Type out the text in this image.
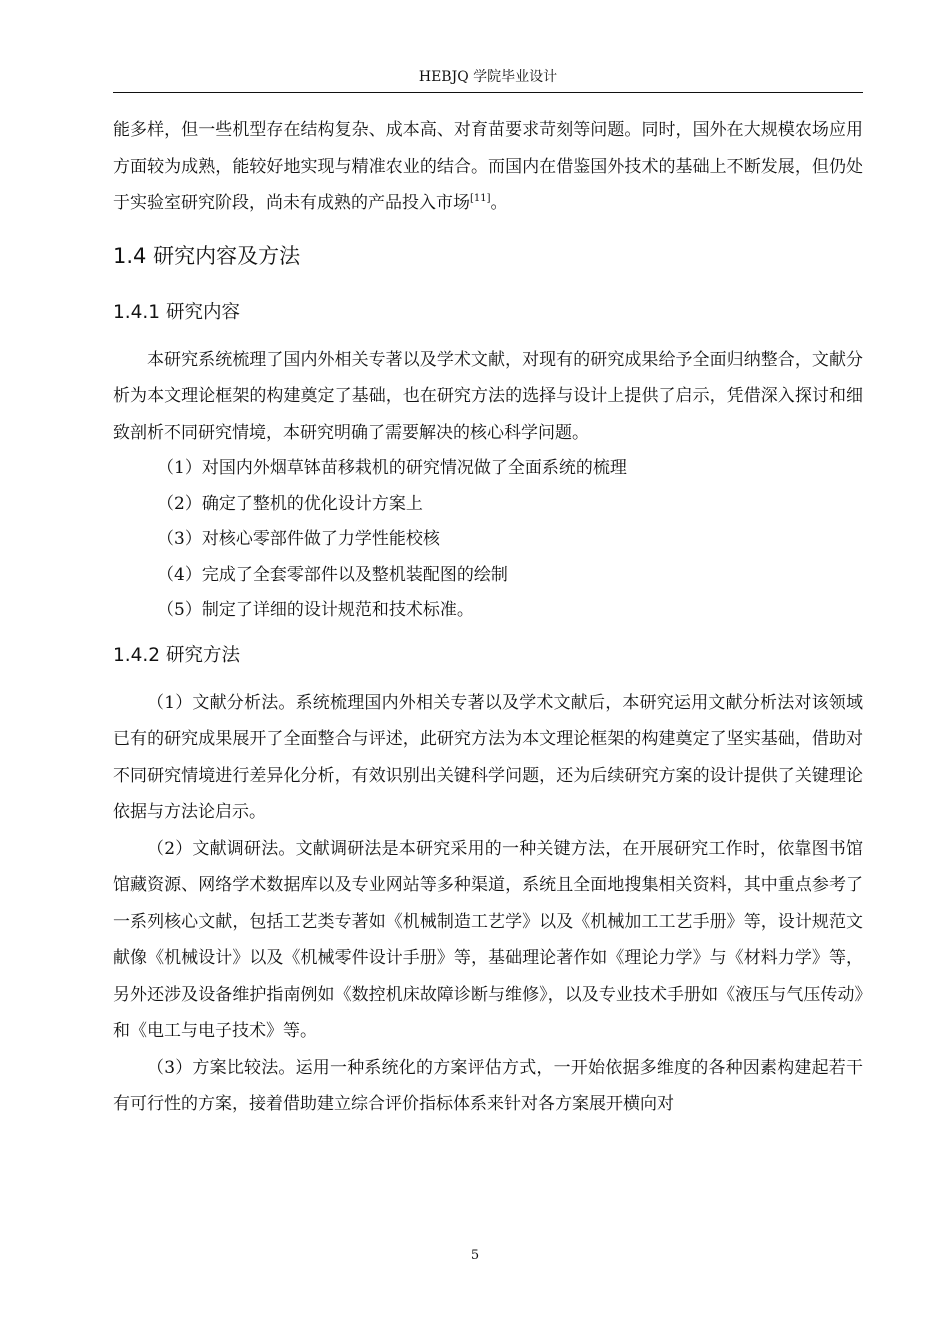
HEBJQ 学院毕业设计

能多样，但一些机型存在结构复杂、成本高、对育苗要求苛刻等问题。同时，国外在大规模农场应用方面较为成熟，能较好地实现与精准农业的结合。而国内在借鉴国外技术的基础上不断发展，但仍处于实验室研究阶段，尚未有成熟的产品投入市场[11]。

1.4 研究内容及方法
1.4.1 研究内容

本研究系统梳理了国内外相关专著以及学术文献，对现有的研究成果给予全面归纳整合，文献分析为本文理论框架的构建奠定了基础，也在研究方法的选择与设计上提供了启示，凭借深入探讨和细致剖析不同研究情境，本研究明确了需要解决的核心科学问题。

（1）对国内外烟草钵苗移栽机的研究情况做了全面系统的梳理

（2）确定了整机的优化设计方案上

（3）对核心零部件做了力学性能校核

（4）完成了全套零部件以及整机装配图的绘制

（5）制定了详细的设计规范和技术标准。

1.4.2 研究方法

（1）文献分析法。系统梳理国内外相关专著以及学术文献后，本研究运用文献分析法对该领域已有的研究成果展开了全面整合与评述，此研究方法为本文理论框架的构建奠定了坚实基础，借助对不同研究情境进行差异化分析，有效识别出关键科学问题，还为后续研究方案的设计提供了关键理论依据与方法论启示。

（2）文献调研法。文献调研法是本研究采用的一种关键方法，在开展研究工作时，依靠图书馆馆藏资源、网络学术数据库以及专业网站等多种渠道，系统且全面地搜集相关资料，其中重点参考了一系列核心文献，包括工艺类专著如《机械制造工艺学》以及《机械加工工艺手册》等，设计规范文献像《机械设计》以及《机械零件设计手册》等，基础理论著作如《理论力学》与《材料力学》等，另外还涉及设备维护指南例如《数控机床故障诊断与维修》，以及专业技术手册如《液压与气压传动》和《电工与电子技术》等。

（3）方案比较法。运用一种系统化的方案评估方式，一开始依据多维度的各种因素构建起若干有可行性的方案，接着借助建立综合评价指标体系来针对各方案展开横向对

5
